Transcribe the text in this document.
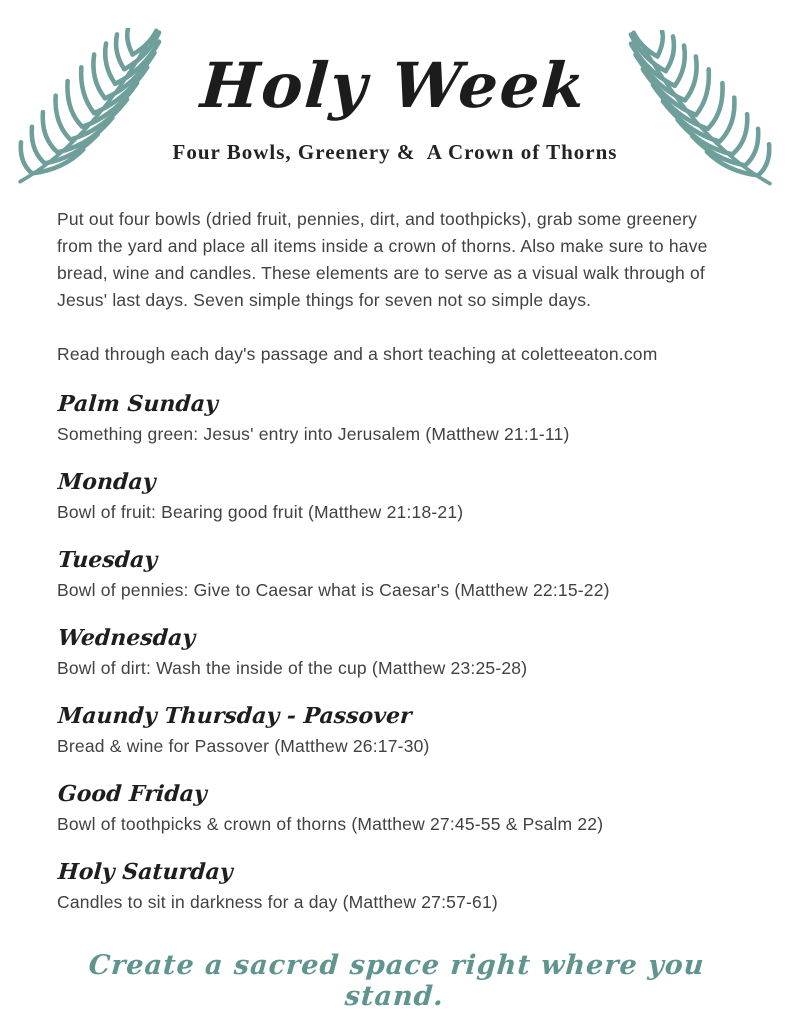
Holy Week
Four Bowls, Greenery &  A Crown of Thorns

Put out four bowls (dried fruit, pennies, dirt, and toothpicks), grab some greenery from the yard and place all items inside a crown of thorns. Also make sure to have bread, wine and candles. These elements are to serve as a visual walk through of Jesus' last days. Seven simple things for seven not so simple days.

Read through each day's passage and a short teaching at coletteeaton.com

Palm Sunday

Something green: Jesus' entry into Jerusalem (Matthew 21:1-11)

Monday

Bowl of fruit: Bearing good fruit (Matthew 21:18-21)

Tuesday

Bowl of pennies: Give to Caesar what is Caesar's (Matthew 22:15-22)

Wednesday

Bowl of dirt: Wash the inside of the cup (Matthew 23:25-28)

Maundy Thursday - Passover

Bread & wine for Passover (Matthew 26:17-30)

Good Friday

Bowl of toothpicks & crown of thorns (Matthew 27:45-55 & Psalm 22)

Holy Saturday

Candles to sit in darkness for a day (Matthew 27:57-61)

Create a sacred space right where you stand.
